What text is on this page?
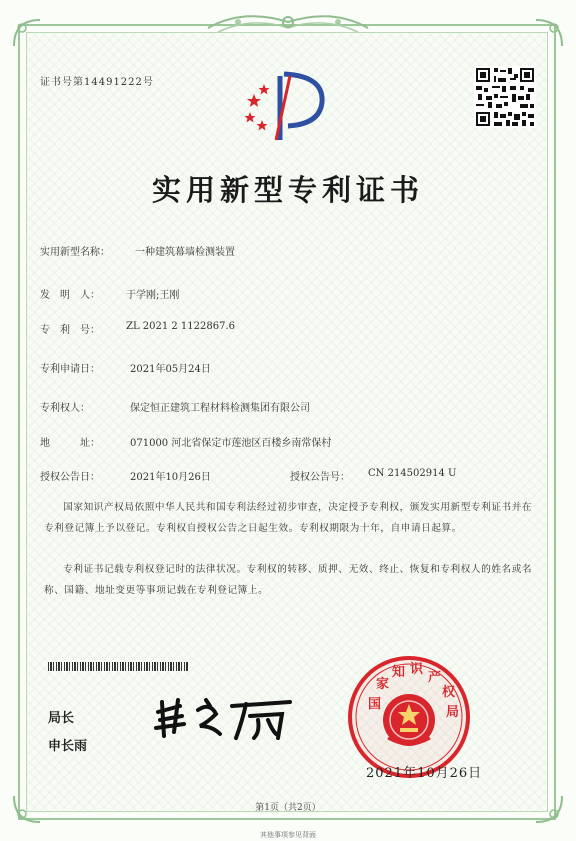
证书号第14491222号
实用新型专利证书
实用新型名称：	一种建筑幕墙检测装置
发　明　人：	于学刚;王刚
专　利　号：	ZL 2021 2 1122867.6
专利申请日：	2021年05月24日
专利权人：	保定恒正建筑工程材料检测集团有限公司
地　　　址：	071000 河北省保定市莲池区百楼乡南常保村
授权公告日：	2021年10月26日	授权公告号： CN 214502914 U
国家知识产权局依照中华人民共和国专利法经过初步审查，决定授予专利权，颁发实用新型专利证书并在专利登记簿上予以登记。专利权自授权公告之日起生效。专利权期限为十年，自申请日起算。
专利证书记载专利权登记时的法律状况。专利权的转移、质押、无效、终止、恢复和专利权人的姓名或名称、国籍、地址变更等事项记载在专利登记簿上。
局长
申长雨
国
家
知 识
产
权
局
2021年10月26日
第1页（共2页）
其他事项参见背面
